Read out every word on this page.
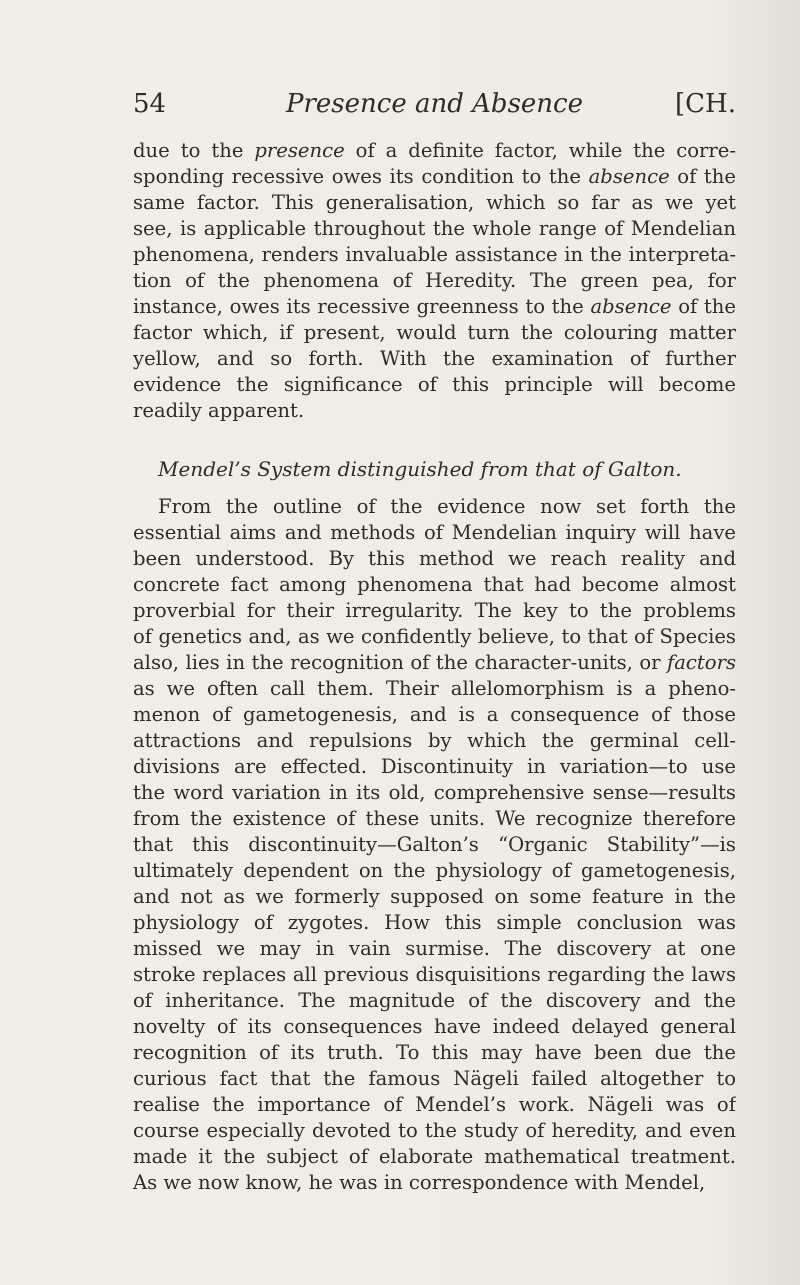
54	Presence and Absence	[CH.
due to the presence of a definite factor, while the corre-
sponding recessive owes its condition to the absence of the
same factor. This generalisation, which so far as we yet
see, is applicable throughout the whole range of Mendelian
phenomena, renders invaluable assistance in the interpreta-
tion of the phenomena of Heredity. The green pea, for
instance, owes its recessive greenness to the absence of the
factor which, if present, would turn the colouring matter
yellow, and so forth. With the examination of further
evidence the significance of this principle will become
readily apparent.
Mendel’s System distinguished from that of Galton.
From the outline of the evidence now set forth the
essential aims and methods of Mendelian inquiry will have
been understood. By this method we reach reality and
concrete fact among phenomena that had become almost
proverbial for their irregularity. The key to the problems
of genetics and, as we confidently believe, to that of Species
also, lies in the recognition of the character-units, or factors
as we often call them. Their allelomorphism is a pheno-
menon of gametogenesis, and is a consequence of those
attractions and repulsions by which the germinal cell-
divisions are effected. Discontinuity in variation—to use
the word variation in its old, comprehensive sense—results
from the existence of these units. We recognize therefore
that this discontinuity—Galton’s “Organic Stability”—is
ultimately dependent on the physiology of gametogenesis,
and not as we formerly supposed on some feature in the
physiology of zygotes. How this simple conclusion was
missed we may in vain surmise. The discovery at one
stroke replaces all previous disquisitions regarding the laws
of inheritance. The magnitude of the discovery and the
novelty of its consequences have indeed delayed general
recognition of its truth. To this may have been due the
curious fact that the famous Nägeli failed altogether to
realise the importance of Mendel’s work. Nägeli was of
course especially devoted to the study of heredity, and even
made it the subject of elaborate mathematical treatment.
As we now know, he was in correspondence with Mendel,
